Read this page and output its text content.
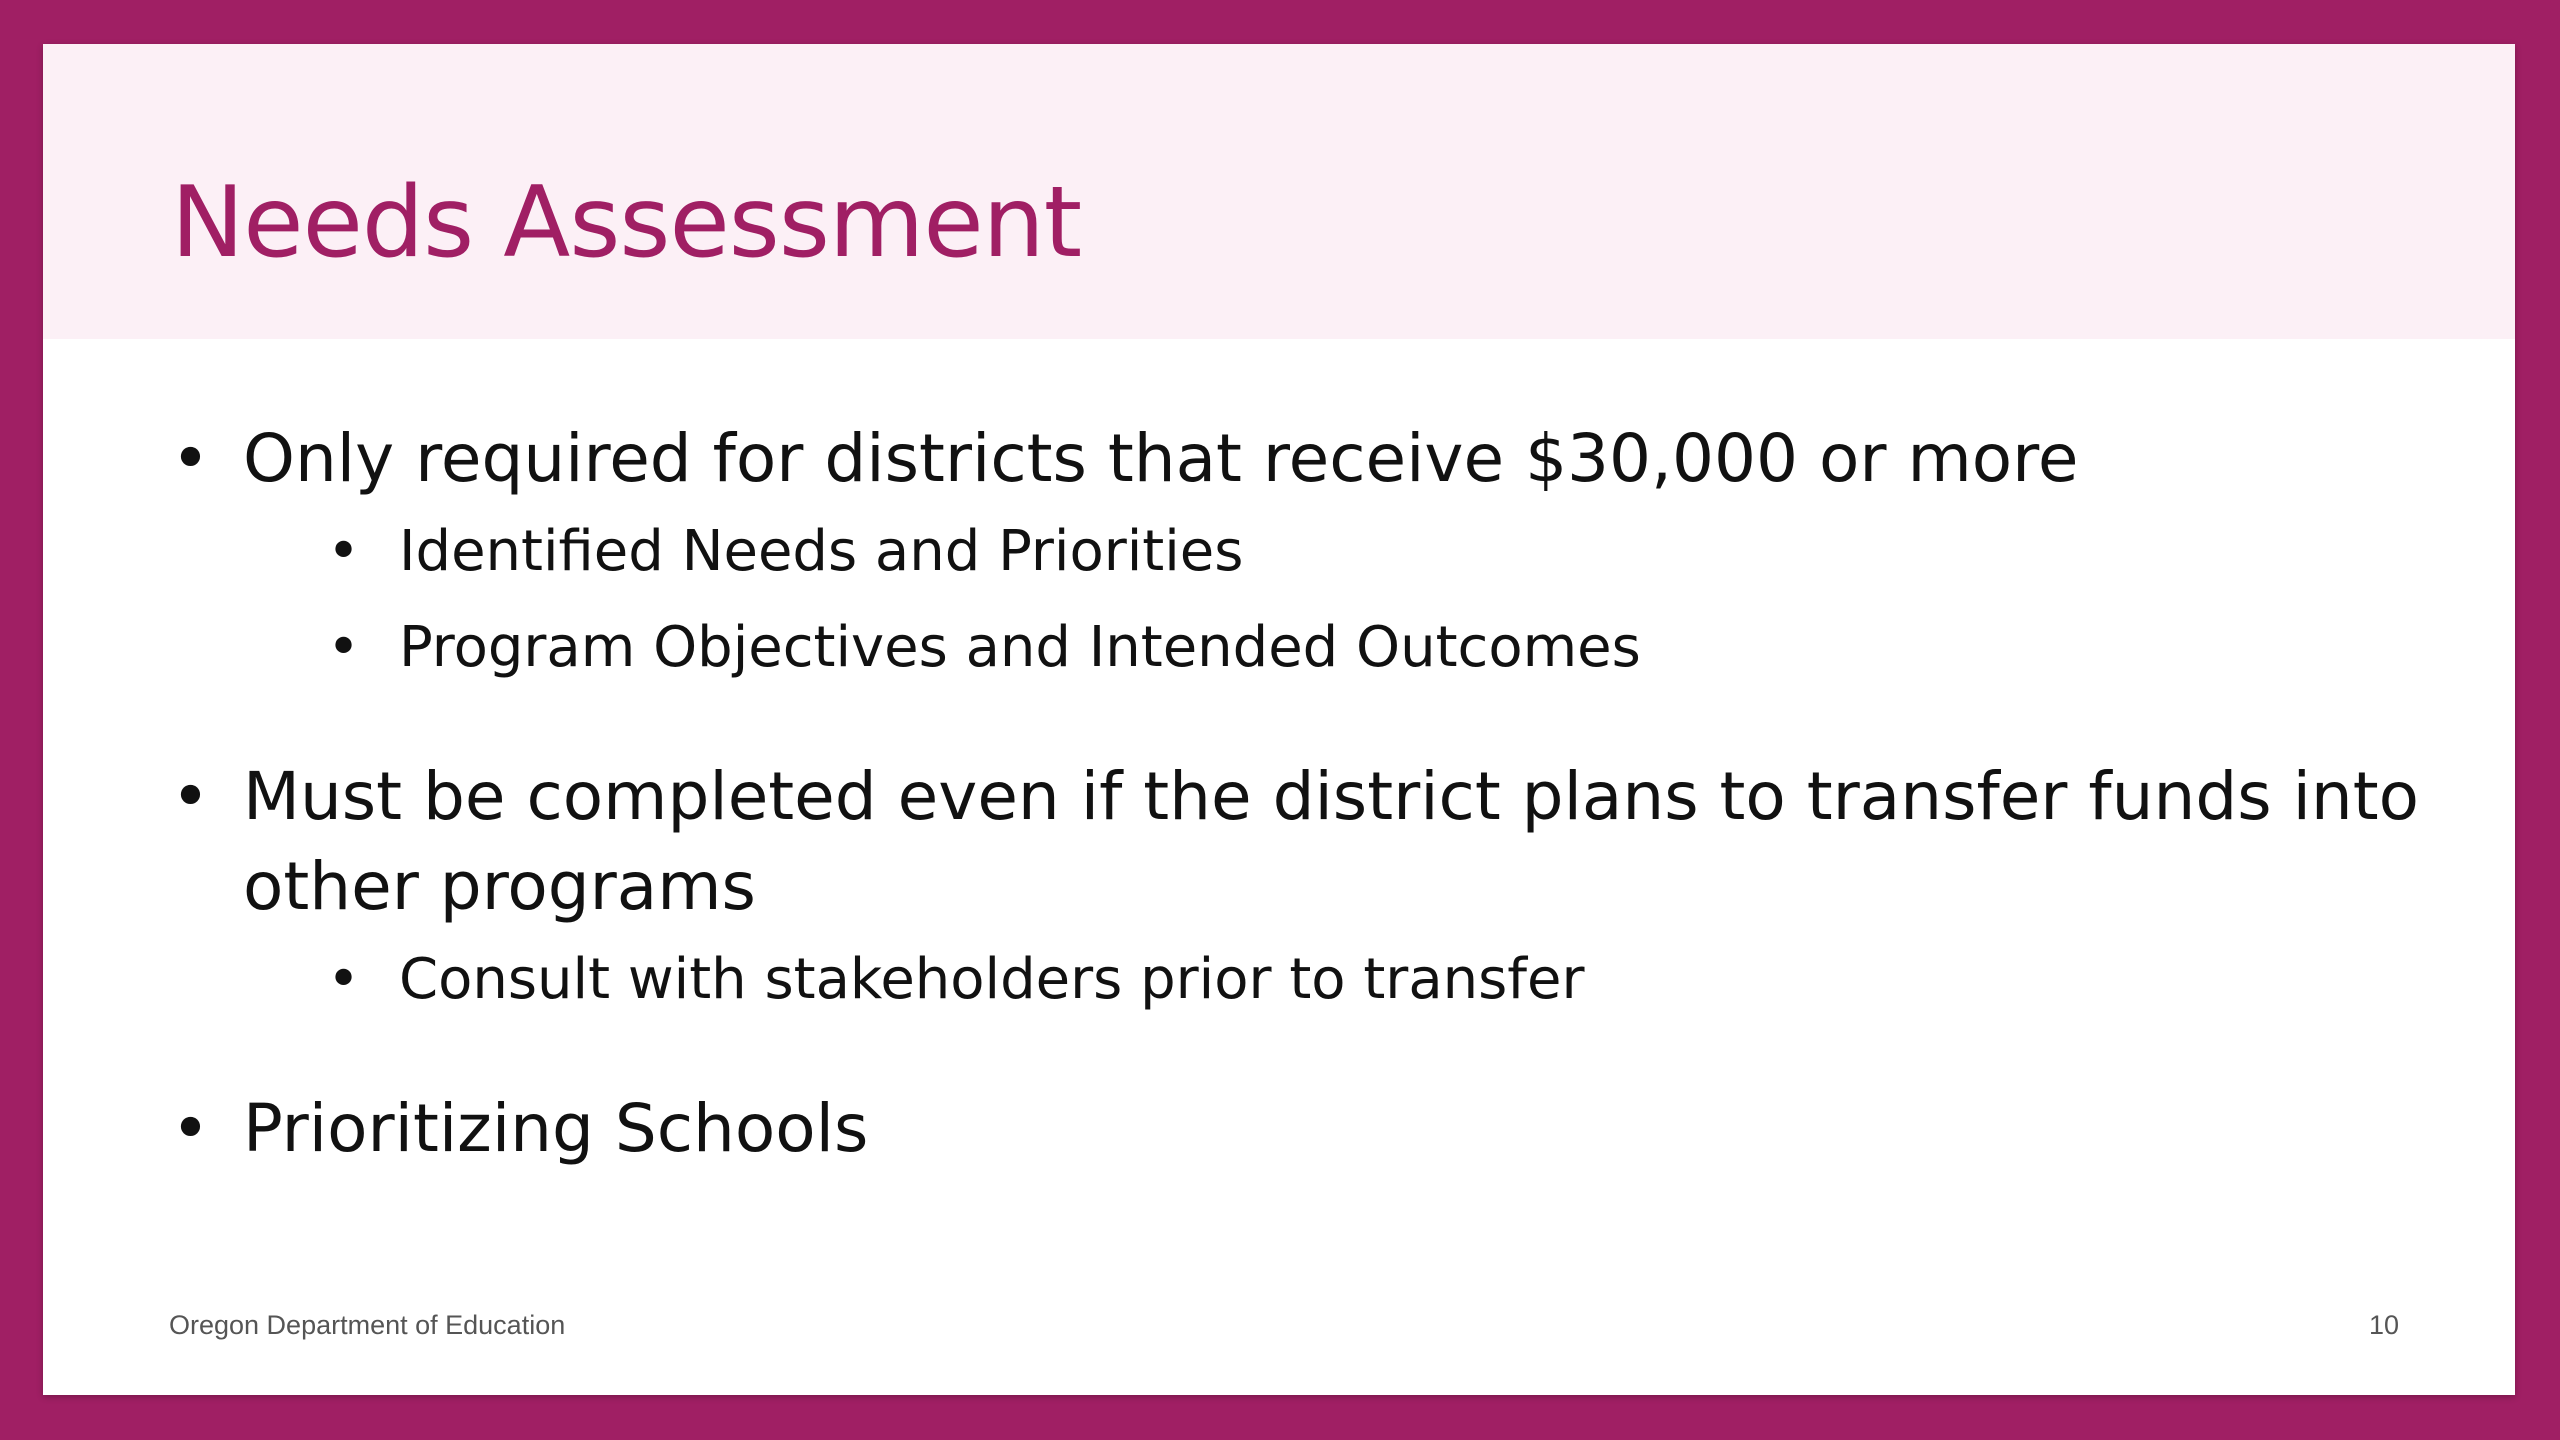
Needs Assessment
• Only required for districts that receive $30,000 or more
• Identified Needs and Priorities
• Program Objectives and Intended Outcomes
• Must be completed even if the district plans to transfer funds into other programs
• Consult with stakeholders prior to transfer
• Prioritizing Schools
Oregon Department of Education	10
